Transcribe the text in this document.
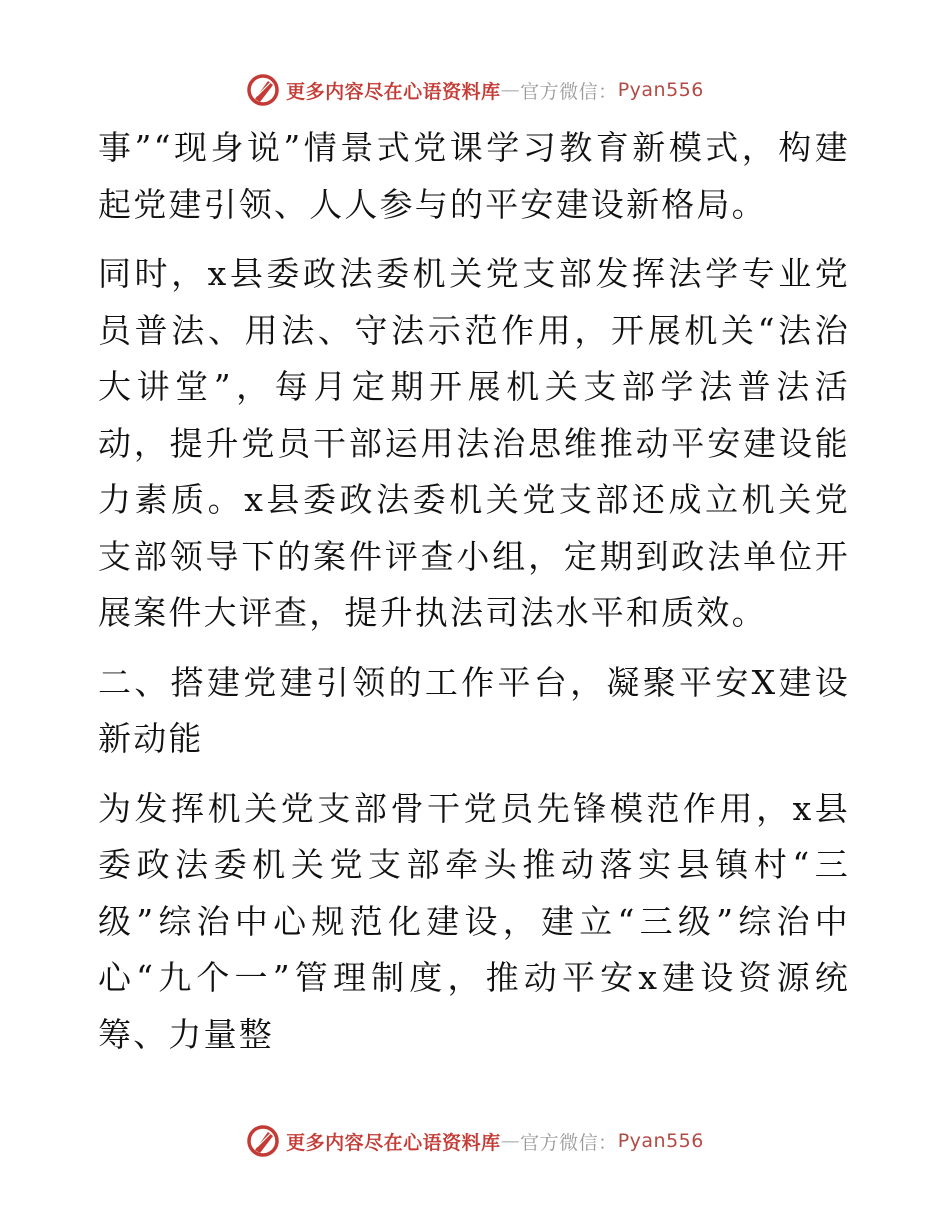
更多内容尽在心语资料库 — 官方微信： Pyan556

事”“现身说”情景式党课学习教育新模式，构建起党建引领、人人参与的平安建设新格局。

同时，x县委政法委机关党支部发挥法学专业党员普法、用法、守法示范作用，开展机关“法治大讲堂”，每月定期开展机关支部学法普法活动，提升党员干部运用法治思维推动平安建设能力素质。x县委政法委机关党支部还成立机关党支部领导下的案件评查小组，定期到政法单位开展案件大评查，提升执法司法水平和质效。

二、搭建党建引领的工作平台，凝聚平安X建设新动能

为发挥机关党支部骨干党员先锋模范作用，x县委政法委机关党支部牵头推动落实县镇村“三级”综治中心规范化建设，建立“三级”综治中心“九个一”管理制度，推动平安x建设资源统筹、力量整

更多内容尽在心语资料库 — 官方微信： Pyan556
